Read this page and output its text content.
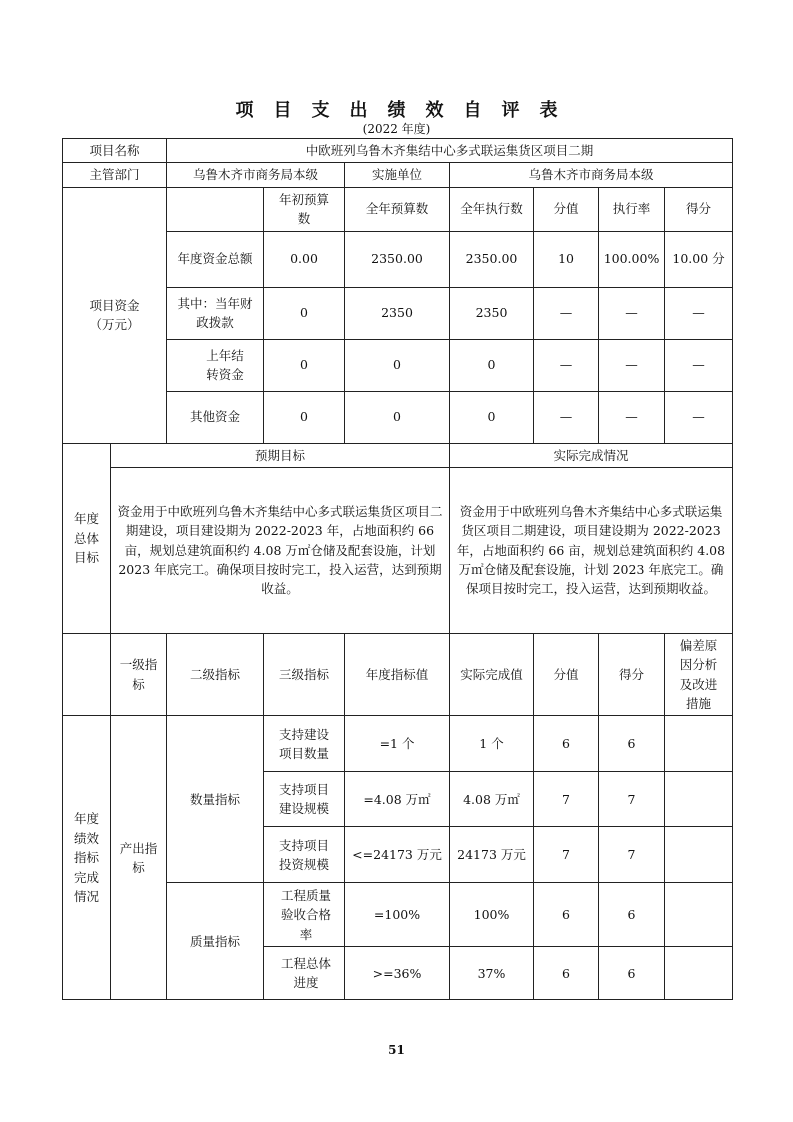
项目支出绩效自评表
(2022 年度)
项目名称		中欧班列乌鲁木齐集结中心多式联运集货区项目二期						
主管部门		乌鲁木齐市商务局本级		实施单位	乌鲁木齐市商务局本级			
项目资金
（万元）			年初预算
数	全年预算数	全年执行数	分值	执行率	得分
		年度资金总额	0.00	2350.00	2350.00	10	100.00%	10.00 分
		其中：当年财
政拨款	0	2350	2350	—	—	—
		上年结
转资金	0	0	0	—	—	—
		其他资金	0	0	0	—	—	—
年度
总体
目标	预期目标				实际完成情况			
	资金用于中欧班列乌鲁木齐集结中心多式联运集货区项目二期建设，项目建设期为 2022-2023 年，占地面积约 66 亩，规划总建筑面积约 4.08 万㎡仓储及配套设施，计划 2023 年底完工。确保项目按时完工，投入运营，达到预期收益。				资金用于中欧班列乌鲁木齐集结中心多式联运集货区项目二期建设，项目建设期为 2022-2023 年，占地面积约 66 亩，规划总建筑面积约 4.08 万㎡仓储及配套设施，计划 2023 年底完工。确保项目按时完工，投入运营，达到预期收益。			
	一级指
标	二级指标	三级指标	年度指标值	实际完成值	分值	得分	偏差原
因分析
及改进
措施
年度
绩效
指标
完成
情况	产出指
标	数量指标	支持建设
项目数量	=1 个	1 个	6	6	
			支持项目
建设规模	=4.08 万㎡	4.08 万㎡	7	7	
			支持项目
投资规模	<=24173 万元	24173 万元	7	7	
		质量指标	工程质量
验收合格
率	=100%	100%	6	6	
			工程总体
进度	>=36%	37%	6	6	
51
